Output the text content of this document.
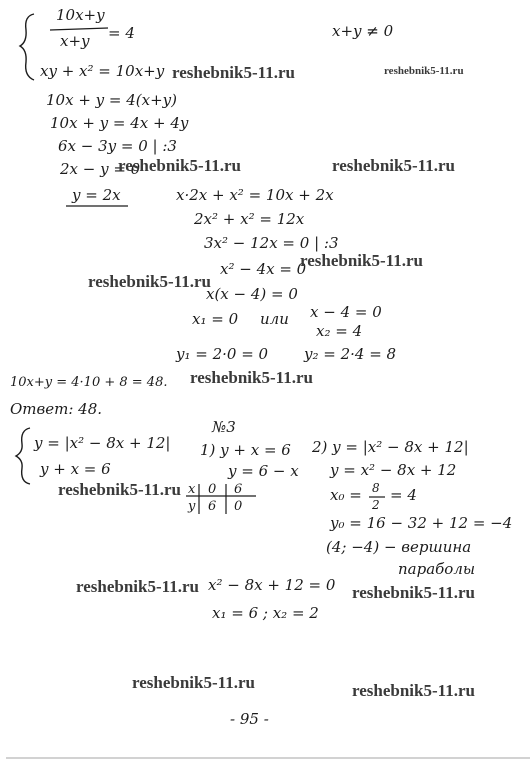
10x+y
= 4
x+y
x+y ≠ 0
xy + x² = 10x+y reshebnik5-11.ru	reshebnik5-11.ru
10x + y = 4(x+y)
10x + y = 4x + 4y
6x − 3y = 0 | :3
2x − y = 0
reshebnik5-11.ru	reshebnik5-11.ru
y = 2x	x·2x + x² = 10x + 2x
2x² + x² = 12x
3x² − 12x = 0 | :3
x² − 4x = 0
reshebnik5-11.ru
reshebnik5-11.ru
x(x − 4) = 0
x₁ = 0 или x − 4 = 0
x₂ = 4
y₁ = 2·0 = 0 y₂ = 2·4 = 8
reshebnik5-11.ru
10x+y = 4·10 + 8 = 48.
Ответ: 48.
№3
y = |x² − 8x + 12|
y + x = 6
1) y + x = 6
y = 6 − x
2) y = |x² − 8x + 12|
y = x² − 8x + 12
reshebnik5-11.ru x 0 6
y 6 0
x₀ = 8
2
= 4
y₀ = 16 − 32 + 12 = −4
(4; −4) − вершина
параболы
reshebnik5-11.ru x² − 8x + 12 = 0 reshebnik5-11.ru
x₁ = 6 ; x₂ = 2
reshebnik5-11.ru	reshebnik5-11.ru
- 95 -
